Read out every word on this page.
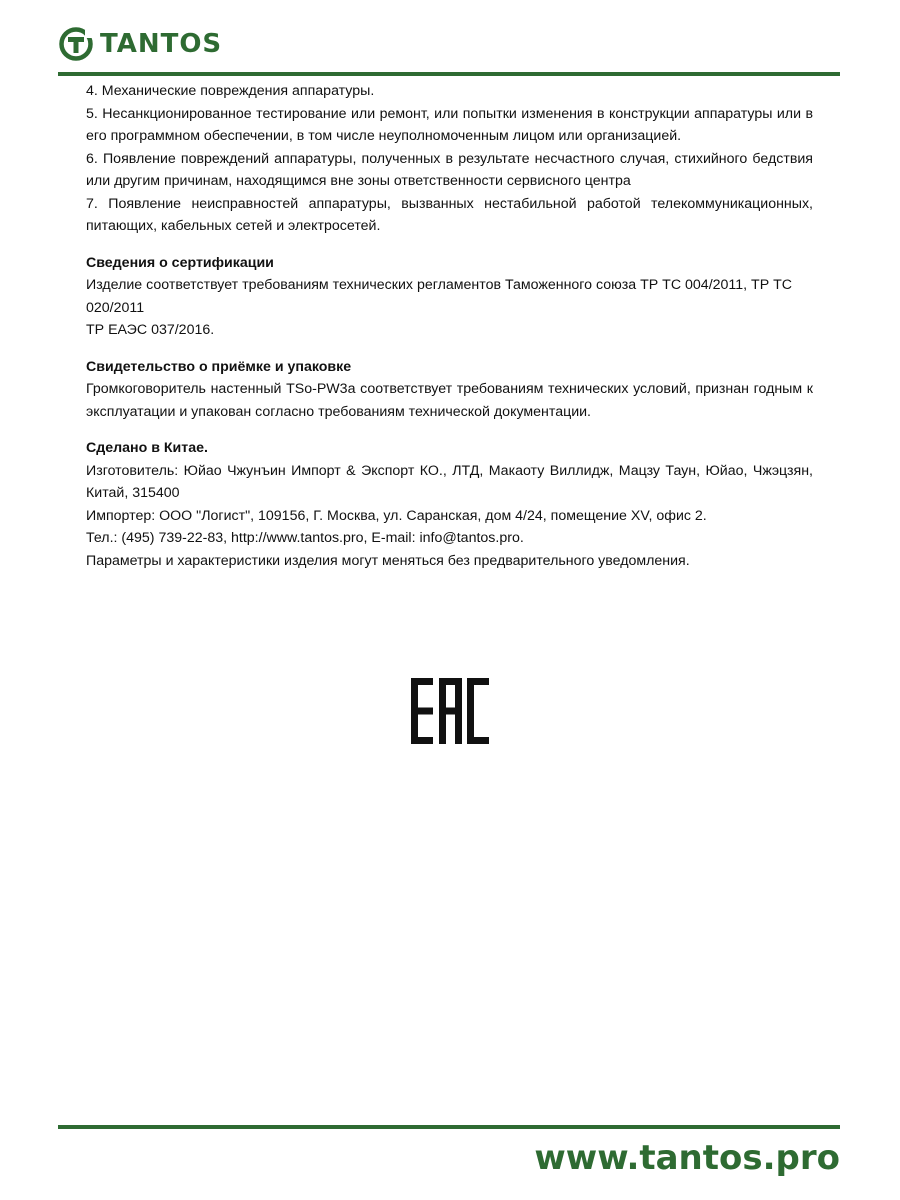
TANTOS

4. Механические повреждения аппаратуры.

5. Несанкционированное тестирование или ремонт, или попытки изменения в конструкции аппаратуры или в его программном обеспечении, в том числе неуполномоченным лицом или организацией.

6. Появление повреждений аппаратуры, полученных в результате несчастного случая, стихийного бедствия или другим причинам, находящимся вне зоны ответственности сервисного центра

7. Появление неисправностей аппаратуры, вызванных нестабильной работой телекоммуникационных, питающих, кабельных сетей и электросетей.

Сведения о сертификации

Изделие соответствует требованиям технических регламентов Таможенного союза ТР ТС 004/2011, ТР ТС 020/2011

ТР ЕАЭС 037/2016.

Свидетельство о приёмке и упаковке

Громкоговоритель настенный TSo-PW3a соответствует требованиям технических условий, признан годным к эксплуатации и упакован согласно требованиям технической документации.

Сделано в Китае.

Изготовитель: Юйао Чжунъин Импорт & Экспорт КО., ЛТД, Макаоту Виллидж, Мацзу Таун, Юйао, Чжэцзян, Китай, 315400

Импортер: ООО "Логист", 109156, Г. Москва, ул. Саранская, дом 4/24, помещение XV, офис 2.

Тел.: (495) 739-22-83, http://www.tantos.pro, E-mail: info@tantos.pro.

Параметры и характеристики изделия могут меняться без предварительного уведомления.

www.tantos.pro
